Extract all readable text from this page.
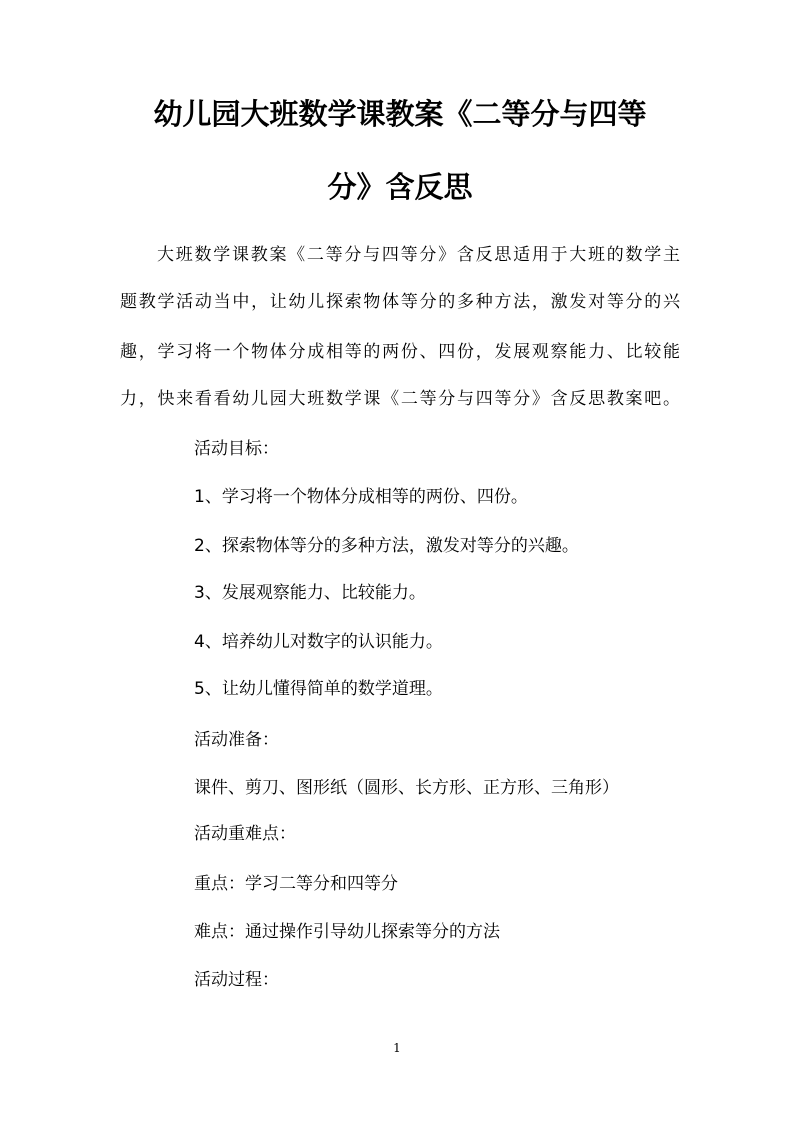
幼儿园大班数学课教案《二等分与四等
分》含反思
大班数学课教案《二等分与四等分》含反思适用于大班的数学主
题教学活动当中，让幼儿探索物体等分的多种方法，激发对等分的兴
趣，学习将一个物体分成相等的两份、四份，发展观察能力、比较能
力，快来看看幼儿园大班数学课《二等分与四等分》含反思教案吧。
活动目标：
1、学习将一个物体分成相等的两份、四份。
2、探索物体等分的多种方法，激发对等分的兴趣。
3、发展观察能力、比较能力。
4、培养幼儿对数字的认识能力。
5、让幼儿懂得简单的数学道理。
活动准备：
课件、剪刀、图形纸（圆形、长方形、正方形、三角形）
活动重难点：
重点：学习二等分和四等分
难点：通过操作引导幼儿探索等分的方法
活动过程：
1
